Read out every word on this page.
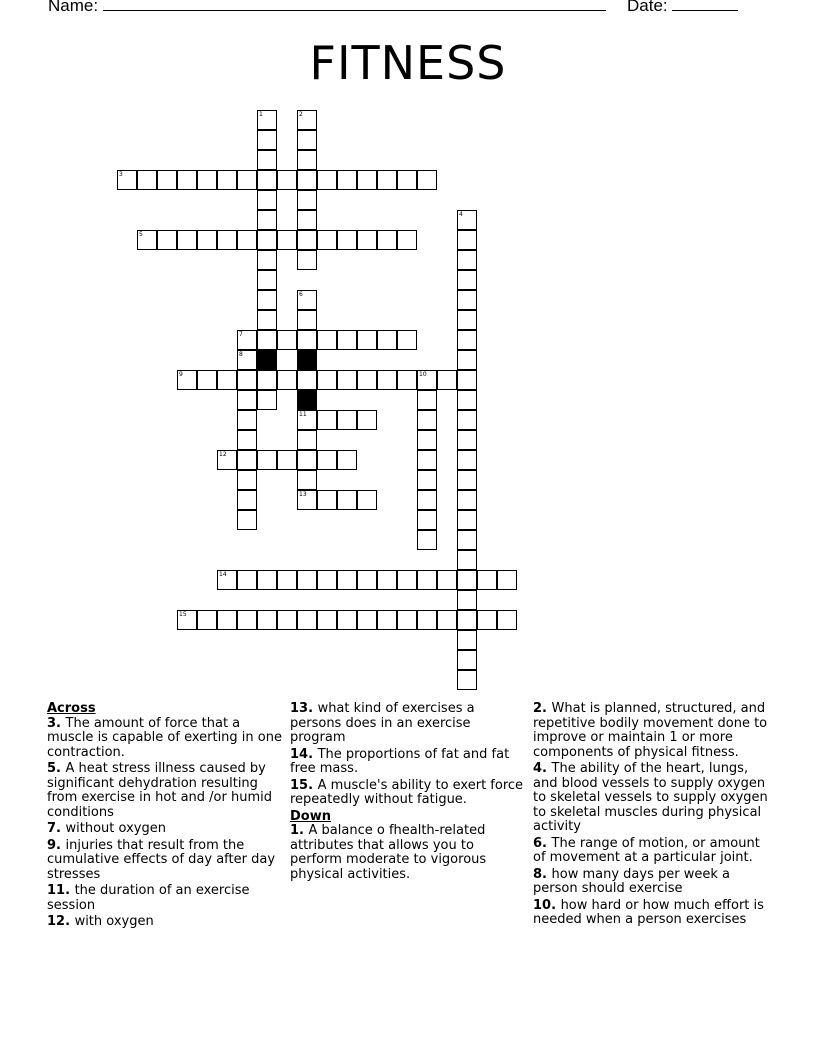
Name:	Date:
FITNESS
1	2
3
4
5
6
11
13
7
8
9	10
12
14
15
Across
3. The amount of force that a muscle is capable of exerting in one contraction.
5. A heat stress illness caused by significant dehydration resulting from exercise in hot and /or humid conditions
7. without oxygen
9. injuries that result from the cumulative effects of day after day stresses
11. the duration of an exercise session
12. with oxygen
13. what kind of exercises a persons does in an exercise program
14. The proportions of fat and fat free mass.
15. A muscle's ability to exert force repeatedly without fatigue.
Down
1. A balance o fhealth-related attributes that allows you to perform moderate to vigorous physical activities.
2. What is planned, structured, and repetitive bodily movement done to improve or maintain 1 or more components of physical fitness.
4. The ability of the heart, lungs, and blood vessels to supply oxygen to skeletal vessels to supply oxygen to skeletal muscles during physical activity
6. The range of motion, or amount of movement at a particular joint.
8. how many days per week a person should exercise
10. how hard or how much effort is needed when a person exercises
